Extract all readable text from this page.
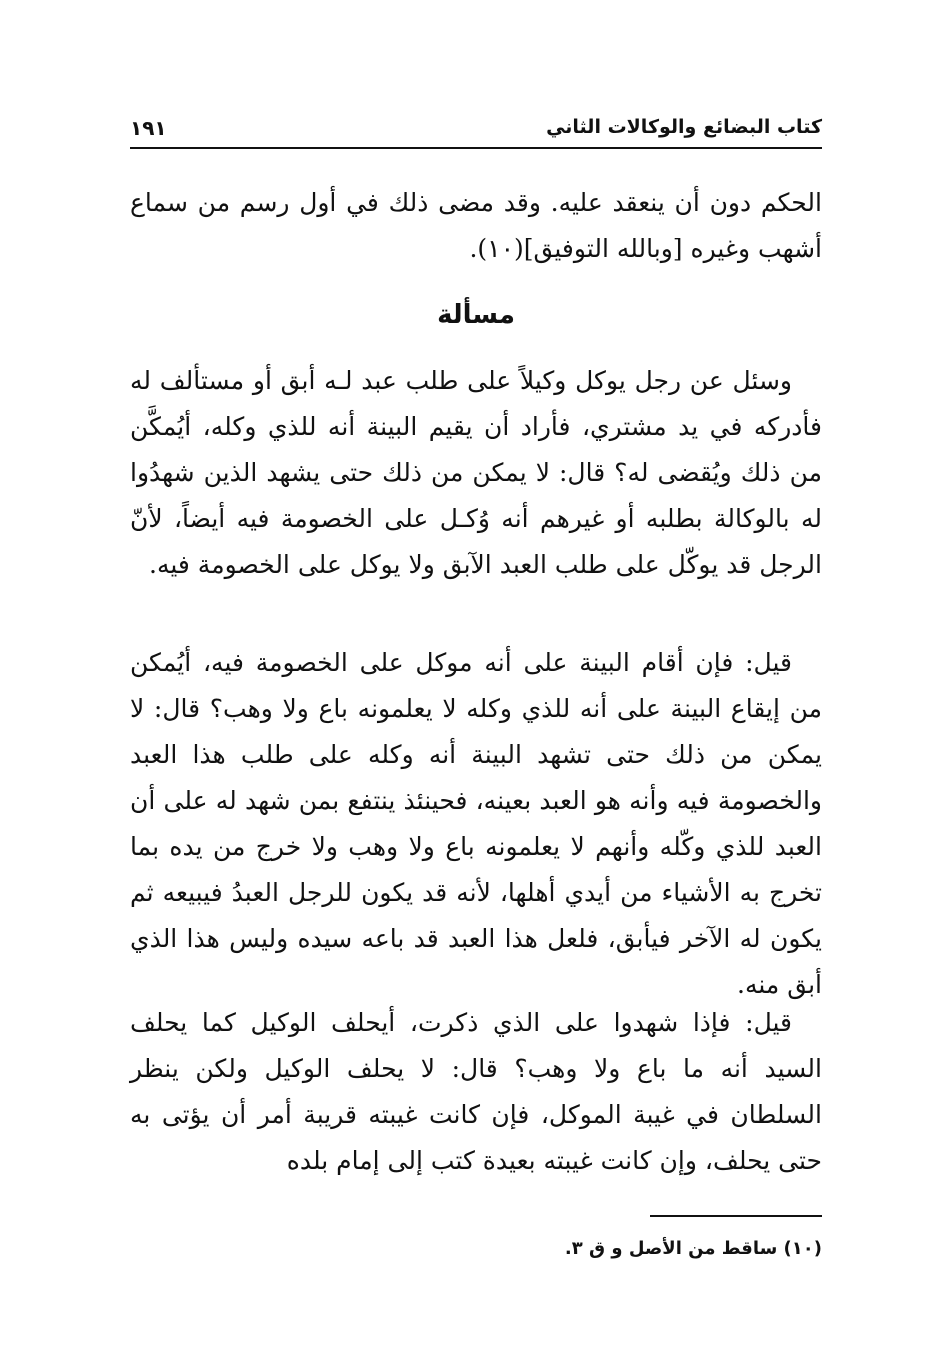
كتاب البضائع والوكالات الثاني
١٩١

الحكم دون أن ينعقد عليه. وقد مضى ذلك في أول رسم من سماع أشهب وغيره [وبالله التوفيق](١٠).

مسألة

وسئل عن رجل يوكل وكيلاً على طلب عبد لـه أبق أو مستألف له فأدركه في يد مشتري، فأراد أن يقيم البينة أنه للذي وكله، أيُمكَّن من ذلك ويُقضى له؟ قال: لا يمكن من ذلك حتى يشهد الذين شهدُوا له بالوكالة بطلبه أو غيرهم أنه وُكـل على الخصومة فيه أيضاً، لأنّ الرجل قد يوكّل على طلب العبد الآبق ولا يوكل على الخصومة فيه.

قيل: فإن أقام البينة على أنه موكل على الخصومة فيه، أيُمكن من إيقاع البينة على أنه للذي وكله لا يعلمونه باع ولا وهب؟ قال: لا يمكن من ذلك حتى تشهد البينة أنه وكله على طلب هذا العبد والخصومة فيه وأنه هو العبد بعينه، فحينئذ ينتفع بمن شهد له على أن العبد للذي وكّله وأنهم لا يعلمونه باع ولا وهب ولا خرج من يده بما تخرج به الأشياء من أيدي أهلها، لأنه قد يكون للرجل العبدُ فيبيعه ثم يكون له الآخر فيأبق، فلعل هذا العبد قد باعه سيده وليس هذا الذي أبق منه.

قيل: فإذا شهدوا على الذي ذكرت، أيحلف الوكيل كما يحلف السيد أنه ما باع ولا وهب؟ قال: لا يحلف الوكيل ولكن ينظر السلطان في غيبة الموكل، فإن كانت غيبته قريبة أمر أن يؤتى به حتى يحلف، وإن كانت غيبته بعيدة كتب إلى إمام بلده

(١٠) ساقط من الأصل و ق ٣.
